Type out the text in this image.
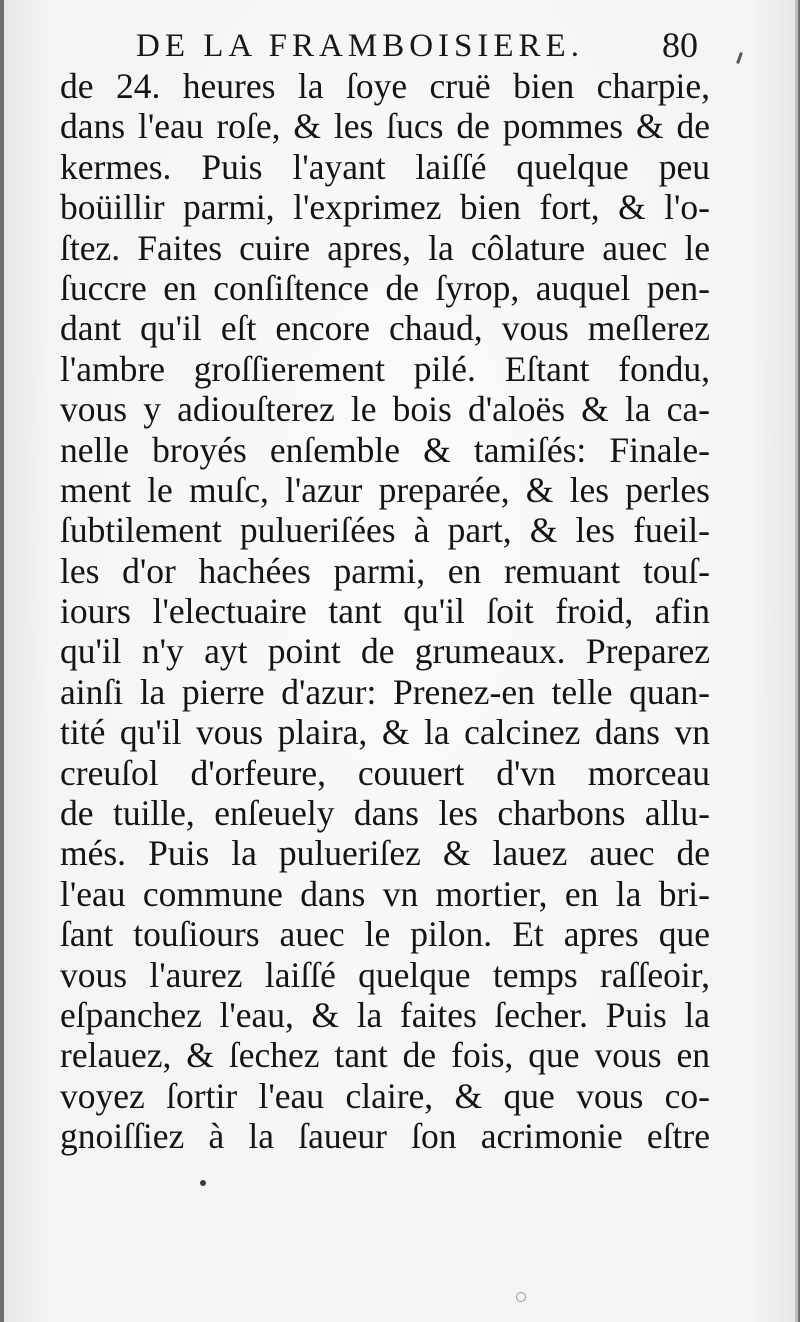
DE LA FRAMBOISIERE. 80
de 24. heures la ſoye cruë bien charpie,
dans l'eau roſe, & les ſucs de pommes & de
kermes. Puis l'ayant laiſſé quelque peu
boüillir parmi, l'exprimez bien fort, & l'o-
ſtez. Faites cuire apres, la côlature auec le
ſuccre en conſiſtence de ſyrop, auquel pen-
dant qu'il eſt encore chaud, vous meſlerez
l'ambre groſſierement pilé. Eſtant fondu,
vous y adiouſterez le bois d'aloës & la ca-
nelle broyés enſemble & tamiſés: Finale-
ment le muſc, l'azur preparée, & les perles
ſubtilement pulueriſées à part, & les fueil-
les d'or hachées parmi, en remuant touſ-
iours l'electuaire tant qu'il ſoit froid, afin
qu'il n'y ayt point de grumeaux. Preparez
ainſi la pierre d'azur: Prenez-en telle quan-
tité qu'il vous plaira, & la calcinez dans vn
creuſol d'orfeure, couuert d'vn morceau
de tuille, enſeuely dans les charbons allu-
més. Puis la pulueriſez & lauez auec de
l'eau commune dans vn mortier, en la bri-
ſant touſiours auec le pilon. Et apres que
vous l'aurez laiſſé quelque temps raſſeoir,
eſpanchez l'eau, & la faites ſecher. Puis la
relauez, & ſechez tant de fois, que vous en
voyez ſortir l'eau claire, & que vous co-
gnoiſſiez à la ſaueur ſon acrimonie eſtre
